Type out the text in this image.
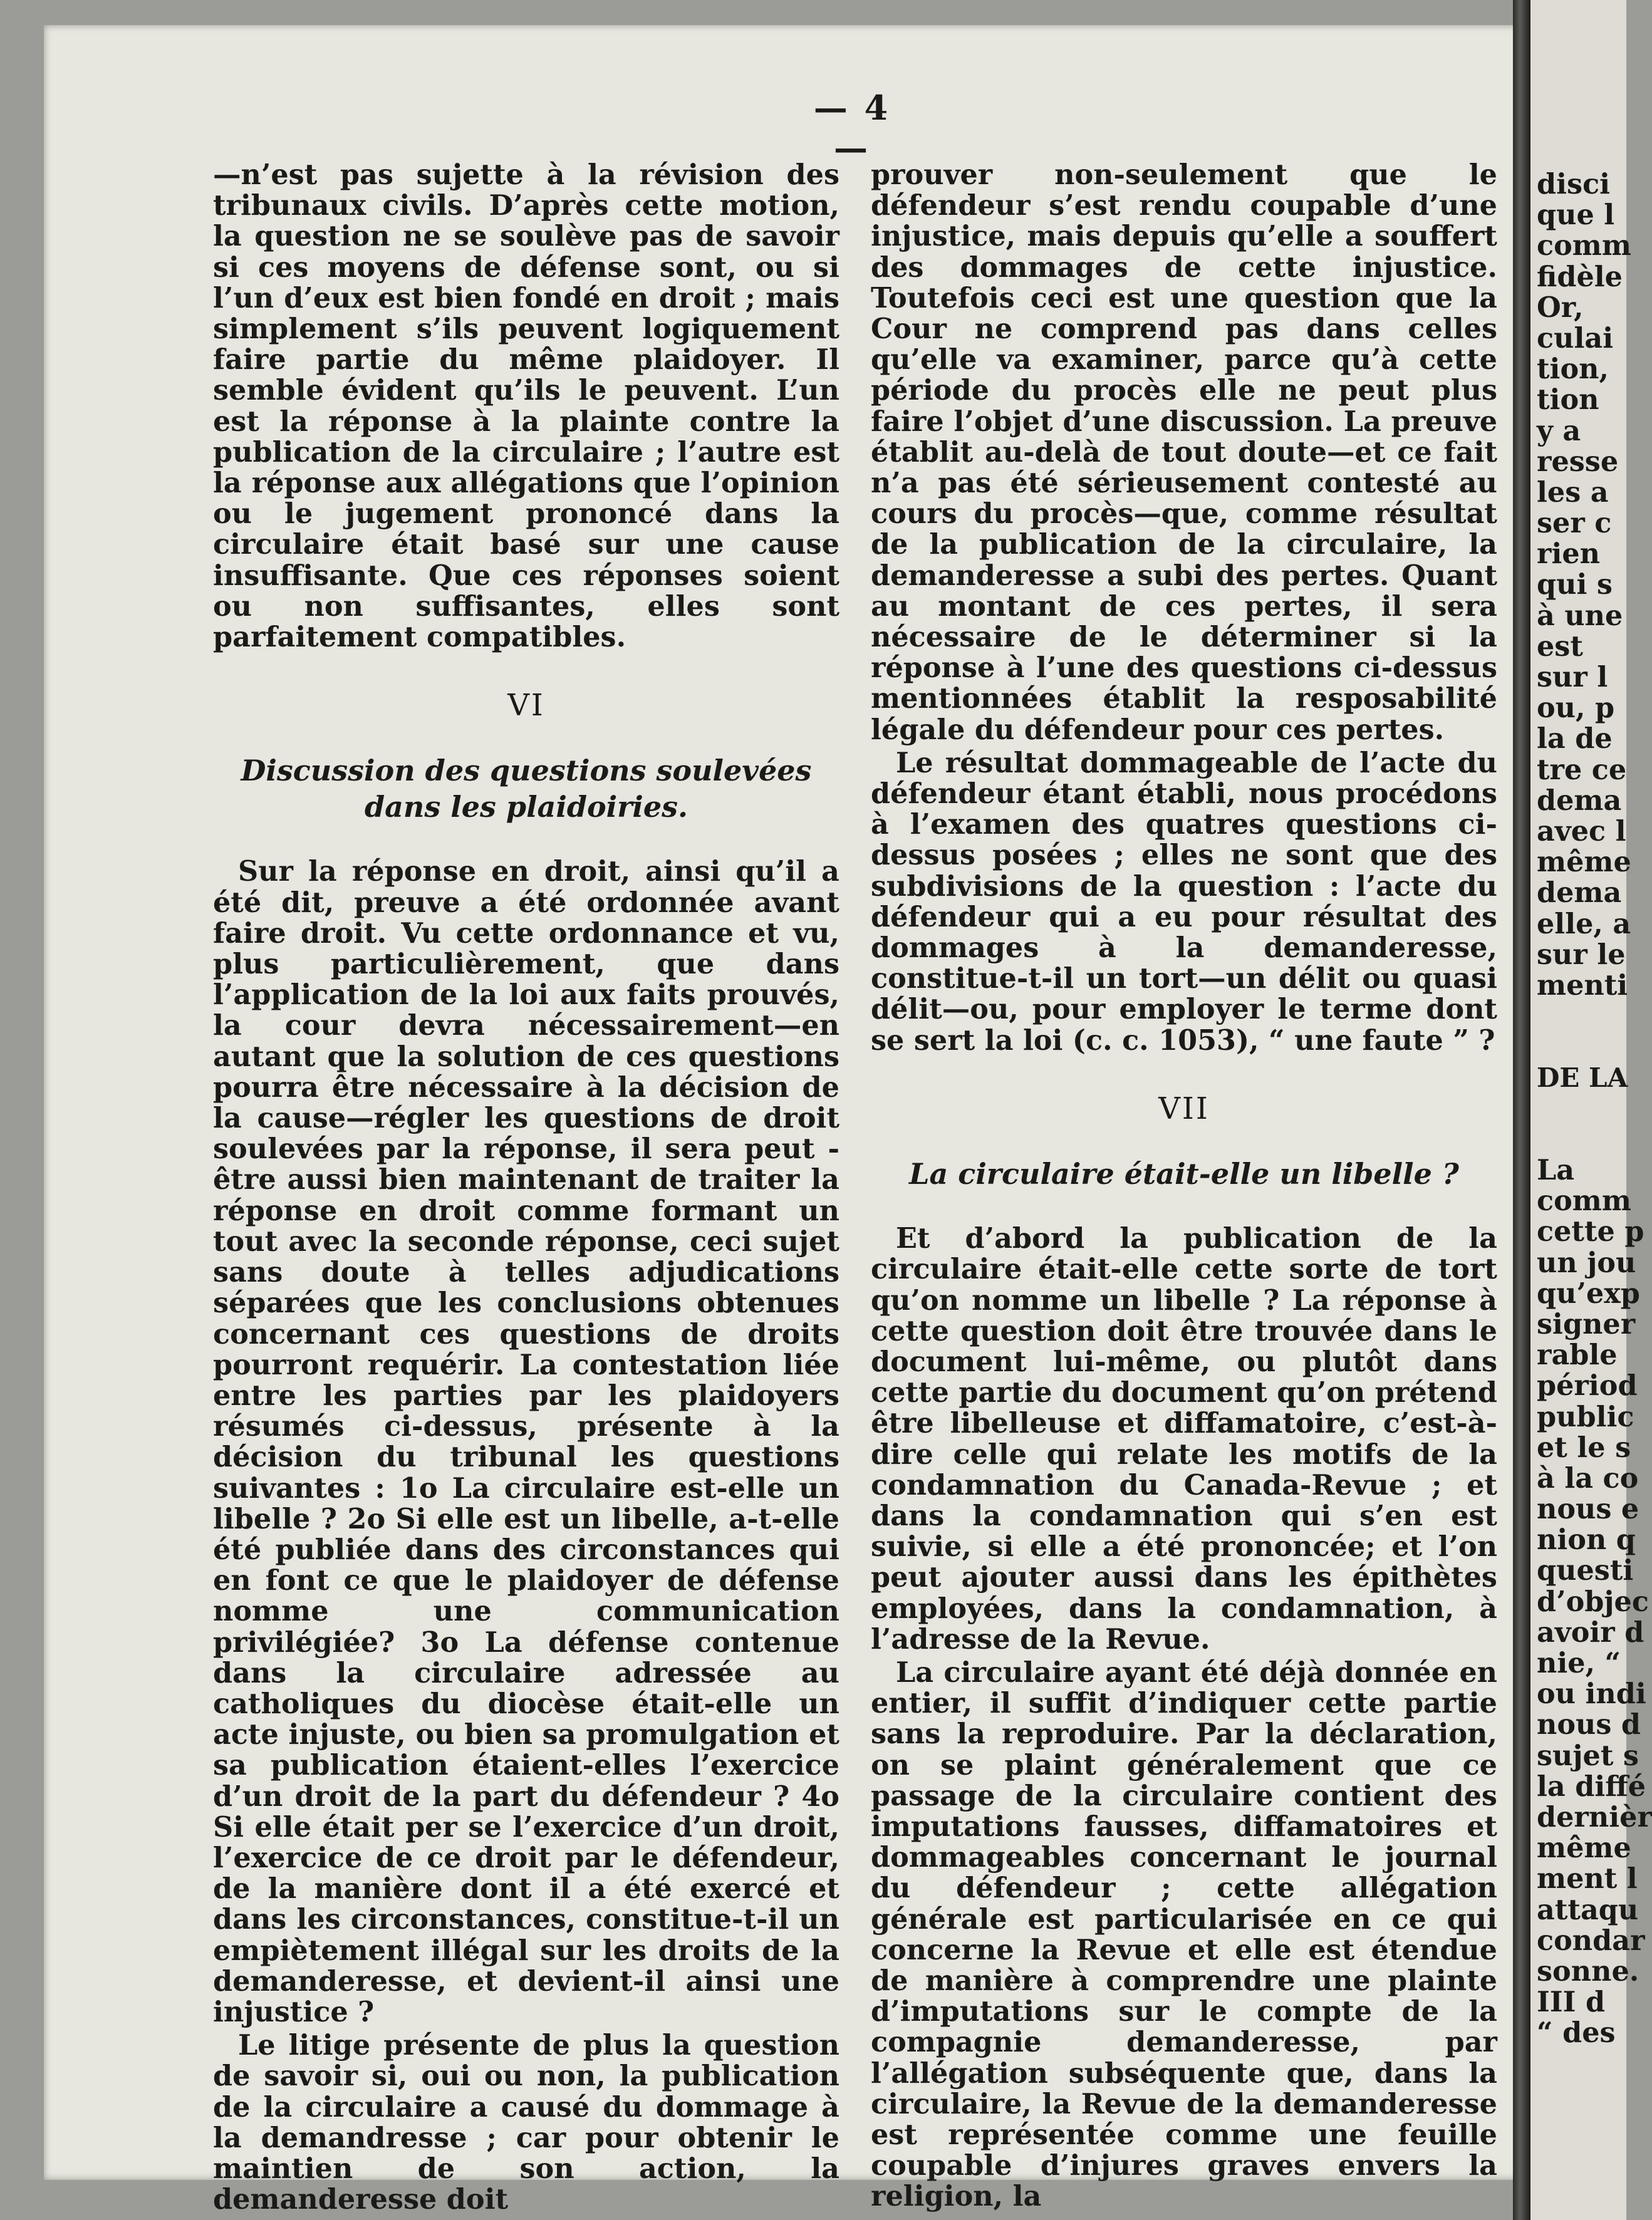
disci
que l
comm
fidèle
Or,
culai
tion,
tion
y a
resse
les a
ser c
rien
qui s
à une
est
sur l
ou, p
la de
tre ce
dema
avec l
même
dema
elle, a
sur le
menti
DE LA
La
comm
cette p
un jou
qu’exp
signer
rable
périod
public
et le s
à la co
nous e
nion q
questi
d’objec
avoir d
nie, “
ou indi
nous d
sujet s
la diffé
dernièr
même
ment l
attaqu
condar
sonne.
III d
“ des
— 4 —

—n’est pas sujette à la révision des tribunaux civils. D’après cette motion, la question ne se soulève pas de savoir si ces moyens de défense sont, ou si l’un d’eux est bien fondé en droit ; mais simplement s’ils peuvent logiquement faire partie du même plaidoyer. Il semble évident qu’ils le peuvent. L’un est la réponse à la plainte contre la publication de la circulaire ; l’autre est la réponse aux allégations que l’opinion ou le jugement prononcé dans la circulaire était basé sur une cause insuffisante. Que ces réponses soient ou non suffisantes, elles sont parfaitement compatibles.

VI
Discussion des questions soulevées dans les plaidoiries.

Sur la réponse en droit, ainsi qu’il a été dit, preuve a été ordonnée avant faire droit. Vu cette ordonnance et vu, plus particulièrement, que dans l’application de la loi aux faits prouvés, la cour devra nécessairement—en autant que la solution de ces questions pourra être nécessaire à la décision de la cause—régler les questions de droit soulevées par la réponse, il sera peut - être aussi bien maintenant de traiter la réponse en droit comme formant un tout avec la seconde réponse, ceci sujet sans doute à telles adjudications séparées que les conclusions obtenues concernant ces questions de droits pourront requérir. La contestation liée entre les parties par les plaidoyers résumés ci-dessus, présente à la décision du tribunal les questions suivantes : 1o La circulaire est-elle un libelle ? 2o Si elle est un libelle, a-t-elle été publiée dans des circonstances qui en font ce que le plaidoyer de défense nomme une communication privilégiée? 3o La défense contenue dans la circulaire adressée au catholiques du diocèse était-elle un acte injuste, ou bien sa promulgation et sa publication étaient-elles l’exercice d’un droit de la part du défendeur ? 4o Si elle était per se l’exercice d’un droit, l’exercice de ce droit par le défendeur, de la manière dont il a été exercé et dans les circonstances, constitue-t-il un empiètement illégal sur les droits de la demanderesse, et devient-il ainsi une injustice ?

Le litige présente de plus la question de savoir si, oui ou non, la publication de la circulaire a causé du dommage à la demandresse ; car pour obtenir le maintien de son action, la demanderesse doit

prouver non-seulement que le défendeur s’est rendu coupable d’une injustice, mais depuis qu’elle a souffert des dommages de cette injustice. Toutefois ceci est une question que la Cour ne comprend pas dans celles qu’elle va examiner, parce qu’à cette période du procès elle ne peut plus faire l’objet d’une discussion. La preuve établit au-delà de tout doute—et ce fait n’a pas été sérieusement contesté au cours du procès—que, comme résultat de la publication de la circulaire, la demanderesse a subi des pertes. Quant au montant de ces pertes, il sera nécessaire de le déterminer si la réponse à l’une des questions ci-dessus mentionnées établit la resposabilité légale du défendeur pour ces pertes.

Le résultat dommageable de l’acte du défendeur étant établi, nous procédons à l’examen des quatres questions ci-dessus posées ; elles ne sont que des subdivisions de la question : l’acte du défendeur qui a eu pour résultat des dommages à la demanderesse, constitue-t-il un tort—un délit ou quasi délit—ou, pour employer le terme dont se sert la loi (c. c. 1053), “ une faute ” ?

VII
La circulaire était-elle un libelle ?

Et d’abord la publication de la circulaire était-elle cette sorte de tort qu’on nomme un libelle ? La réponse à cette question doit être trouvée dans le document lui-même, ou plutôt dans cette partie du document qu’on prétend être libelleuse et diffamatoire, c’est-à-dire celle qui relate les motifs de la condamnation du Canada-Revue ; et dans la condamnation qui s’en est suivie, si elle a été prononcée; et l’on peut ajouter aussi dans les épithètes employées, dans la condamnation, à l’adresse de la Revue.

La circulaire ayant été déjà donnée en entier, il suffit d’indiquer cette partie sans la reproduire. Par la déclaration, on se plaint généralement que ce passage de la circulaire contient des imputations fausses, diffamatoires et dommageables concernant le journal du défendeur ; cette allégation générale est particularisée en ce qui concerne la Revue et elle est étendue de manière à comprendre une plainte d’imputations sur le compte de la compagnie demanderesse, par l’allégation subséquente que, dans la circulaire, la Revue de la demanderesse est représentée comme une feuille coupable d’injures graves envers la religion, la
